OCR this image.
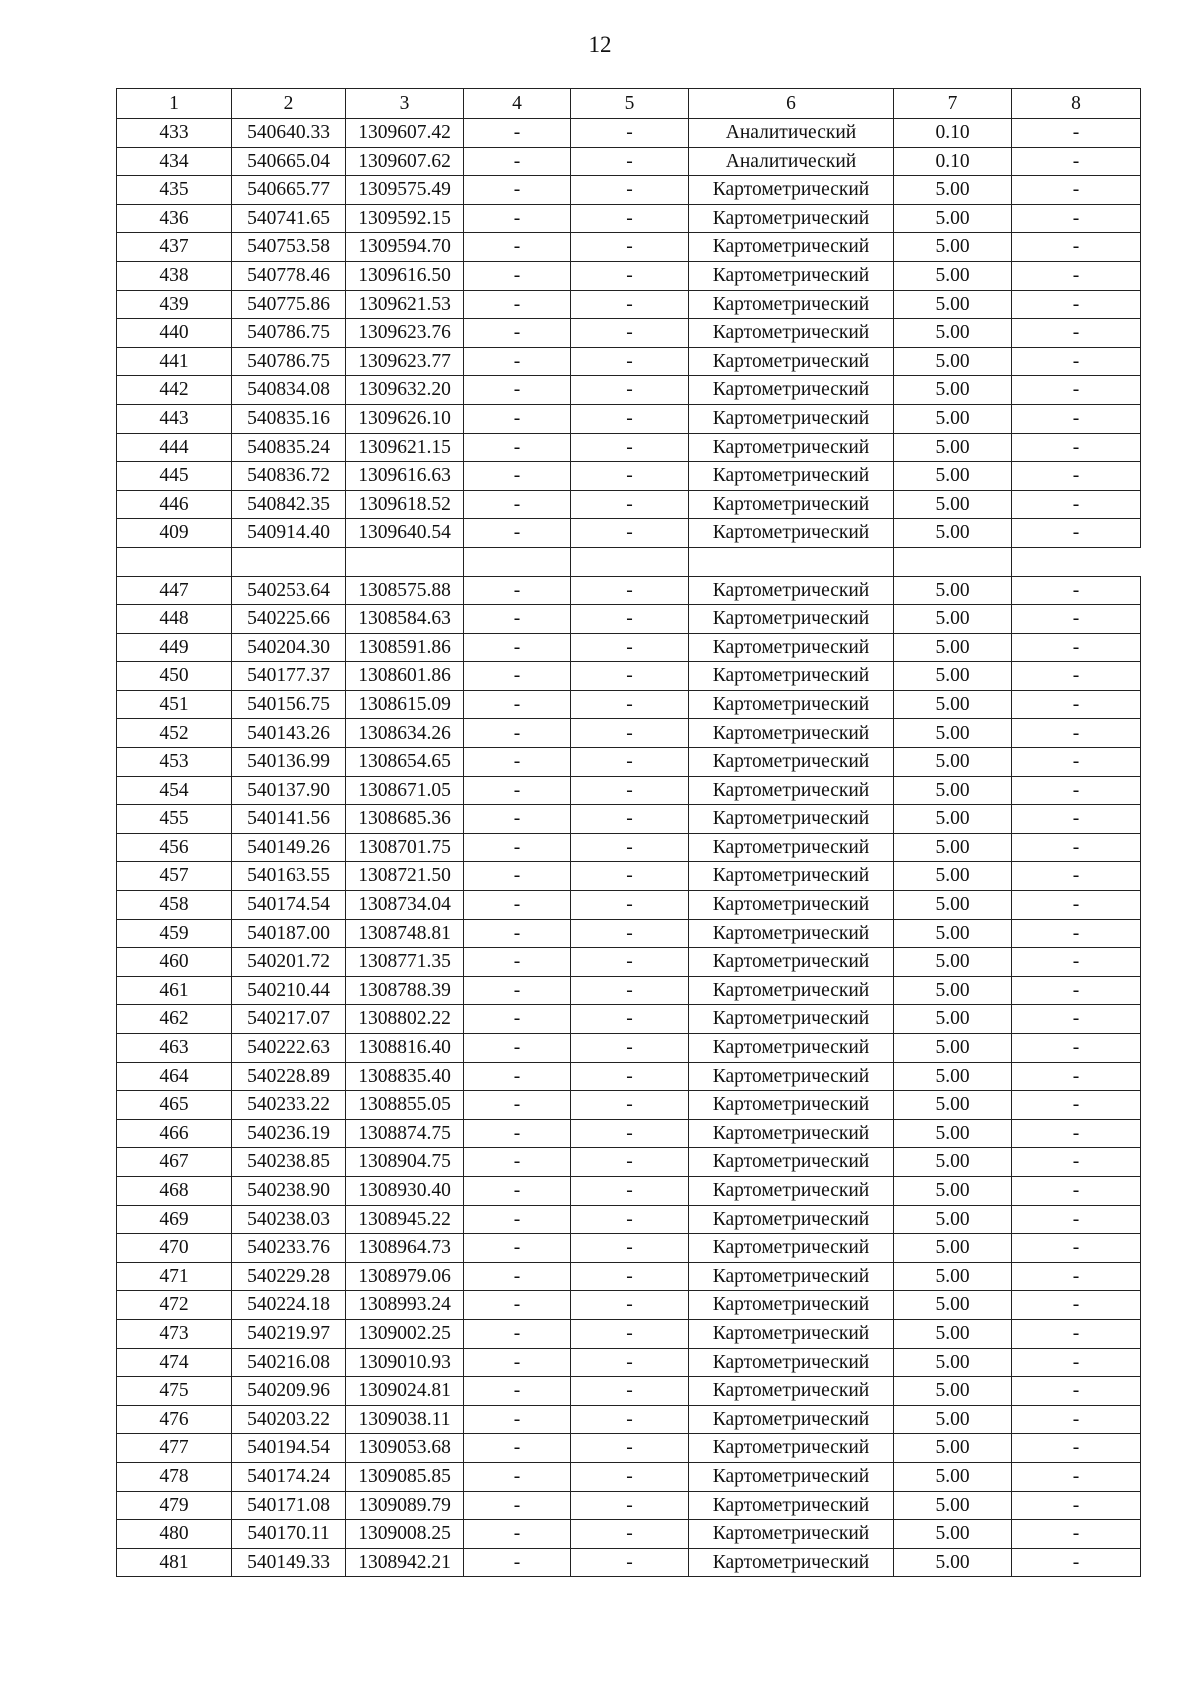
12
1	2	3	4	5	6	7	8
433	540640.33	1309607.42	-	-	Аналитический	0.10	-
434	540665.04	1309607.62	-	-	Аналитический	0.10	-
435	540665.77	1309575.49	-	-	Картометрический	5.00	-
436	540741.65	1309592.15	-	-	Картометрический	5.00	-
437	540753.58	1309594.70	-	-	Картометрический	5.00	-
438	540778.46	1309616.50	-	-	Картометрический	5.00	-
439	540775.86	1309621.53	-	-	Картометрический	5.00	-
440	540786.75	1309623.76	-	-	Картометрический	5.00	-
441	540786.75	1309623.77	-	-	Картометрический	5.00	-
442	540834.08	1309632.20	-	-	Картометрический	5.00	-
443	540835.16	1309626.10	-	-	Картометрический	5.00	-
444	540835.24	1309621.15	-	-	Картометрический	5.00	-
445	540836.72	1309616.63	-	-	Картометрический	5.00	-
446	540842.35	1309618.52	-	-	Картометрический	5.00	-
409	540914.40	1309640.54	-	-	Картометрический	5.00	-

447	540253.64	1308575.88	-	-	Картометрический	5.00	-
448	540225.66	1308584.63	-	-	Картометрический	5.00	-
449	540204.30	1308591.86	-	-	Картометрический	5.00	-
450	540177.37	1308601.86	-	-	Картометрический	5.00	-
451	540156.75	1308615.09	-	-	Картометрический	5.00	-
452	540143.26	1308634.26	-	-	Картометрический	5.00	-
453	540136.99	1308654.65	-	-	Картометрический	5.00	-
454	540137.90	1308671.05	-	-	Картометрический	5.00	-
455	540141.56	1308685.36	-	-	Картометрический	5.00	-
456	540149.26	1308701.75	-	-	Картометрический	5.00	-
457	540163.55	1308721.50	-	-	Картометрический	5.00	-
458	540174.54	1308734.04	-	-	Картометрический	5.00	-
459	540187.00	1308748.81	-	-	Картометрический	5.00	-
460	540201.72	1308771.35	-	-	Картометрический	5.00	-
461	540210.44	1308788.39	-	-	Картометрический	5.00	-
462	540217.07	1308802.22	-	-	Картометрический	5.00	-
463	540222.63	1308816.40	-	-	Картометрический	5.00	-
464	540228.89	1308835.40	-	-	Картометрический	5.00	-
465	540233.22	1308855.05	-	-	Картометрический	5.00	-
466	540236.19	1308874.75	-	-	Картометрический	5.00	-
467	540238.85	1308904.75	-	-	Картометрический	5.00	-
468	540238.90	1308930.40	-	-	Картометрический	5.00	-
469	540238.03	1308945.22	-	-	Картометрический	5.00	-
470	540233.76	1308964.73	-	-	Картометрический	5.00	-
471	540229.28	1308979.06	-	-	Картометрический	5.00	-
472	540224.18	1308993.24	-	-	Картометрический	5.00	-
473	540219.97	1309002.25	-	-	Картометрический	5.00	-
474	540216.08	1309010.93	-	-	Картометрический	5.00	-
475	540209.96	1309024.81	-	-	Картометрический	5.00	-
476	540203.22	1309038.11	-	-	Картометрический	5.00	-
477	540194.54	1309053.68	-	-	Картометрический	5.00	-
478	540174.24	1309085.85	-	-	Картометрический	5.00	-
479	540171.08	1309089.79	-	-	Картометрический	5.00	-
480	540170.11	1309008.25	-	-	Картометрический	5.00	-
481	540149.33	1308942.21	-	-	Картометрический	5.00	-
